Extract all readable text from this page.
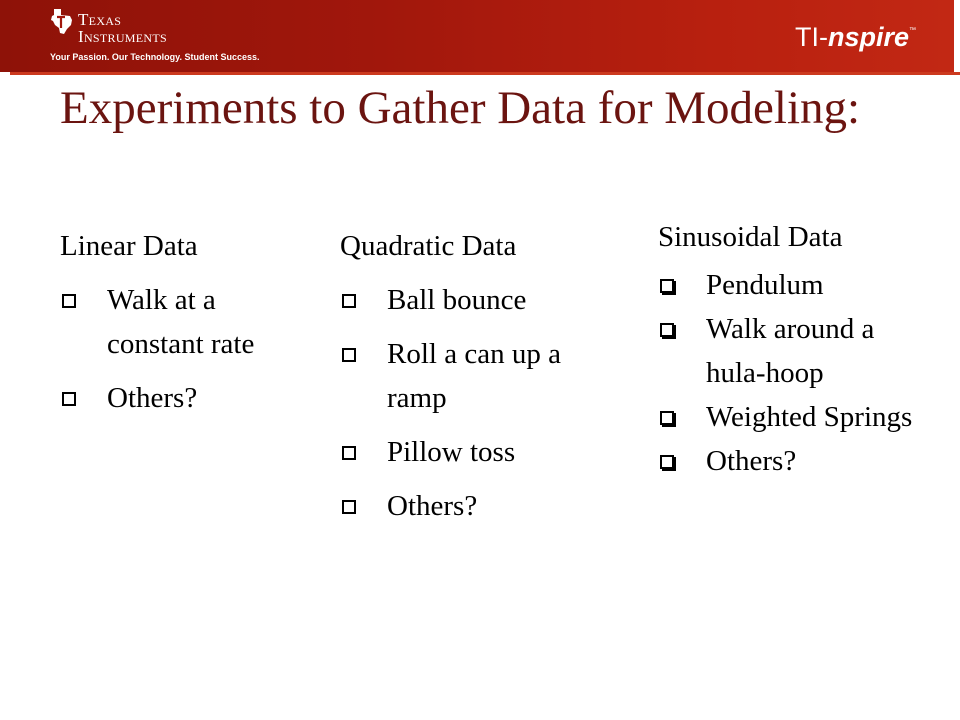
Texas
Instruments
Your Passion. Our Technology. Student Success.
TI-nspire™
Experiments to Gather Data for Modeling:

Linear Data

Walk at a constant rate
Others?

Quadratic Data

Ball bounce
Roll a can up a ramp
Pillow toss
Others?

Sinusoidal Data

Pendulum
Walk around a hula-hoop
Weighted Springs
Others?
